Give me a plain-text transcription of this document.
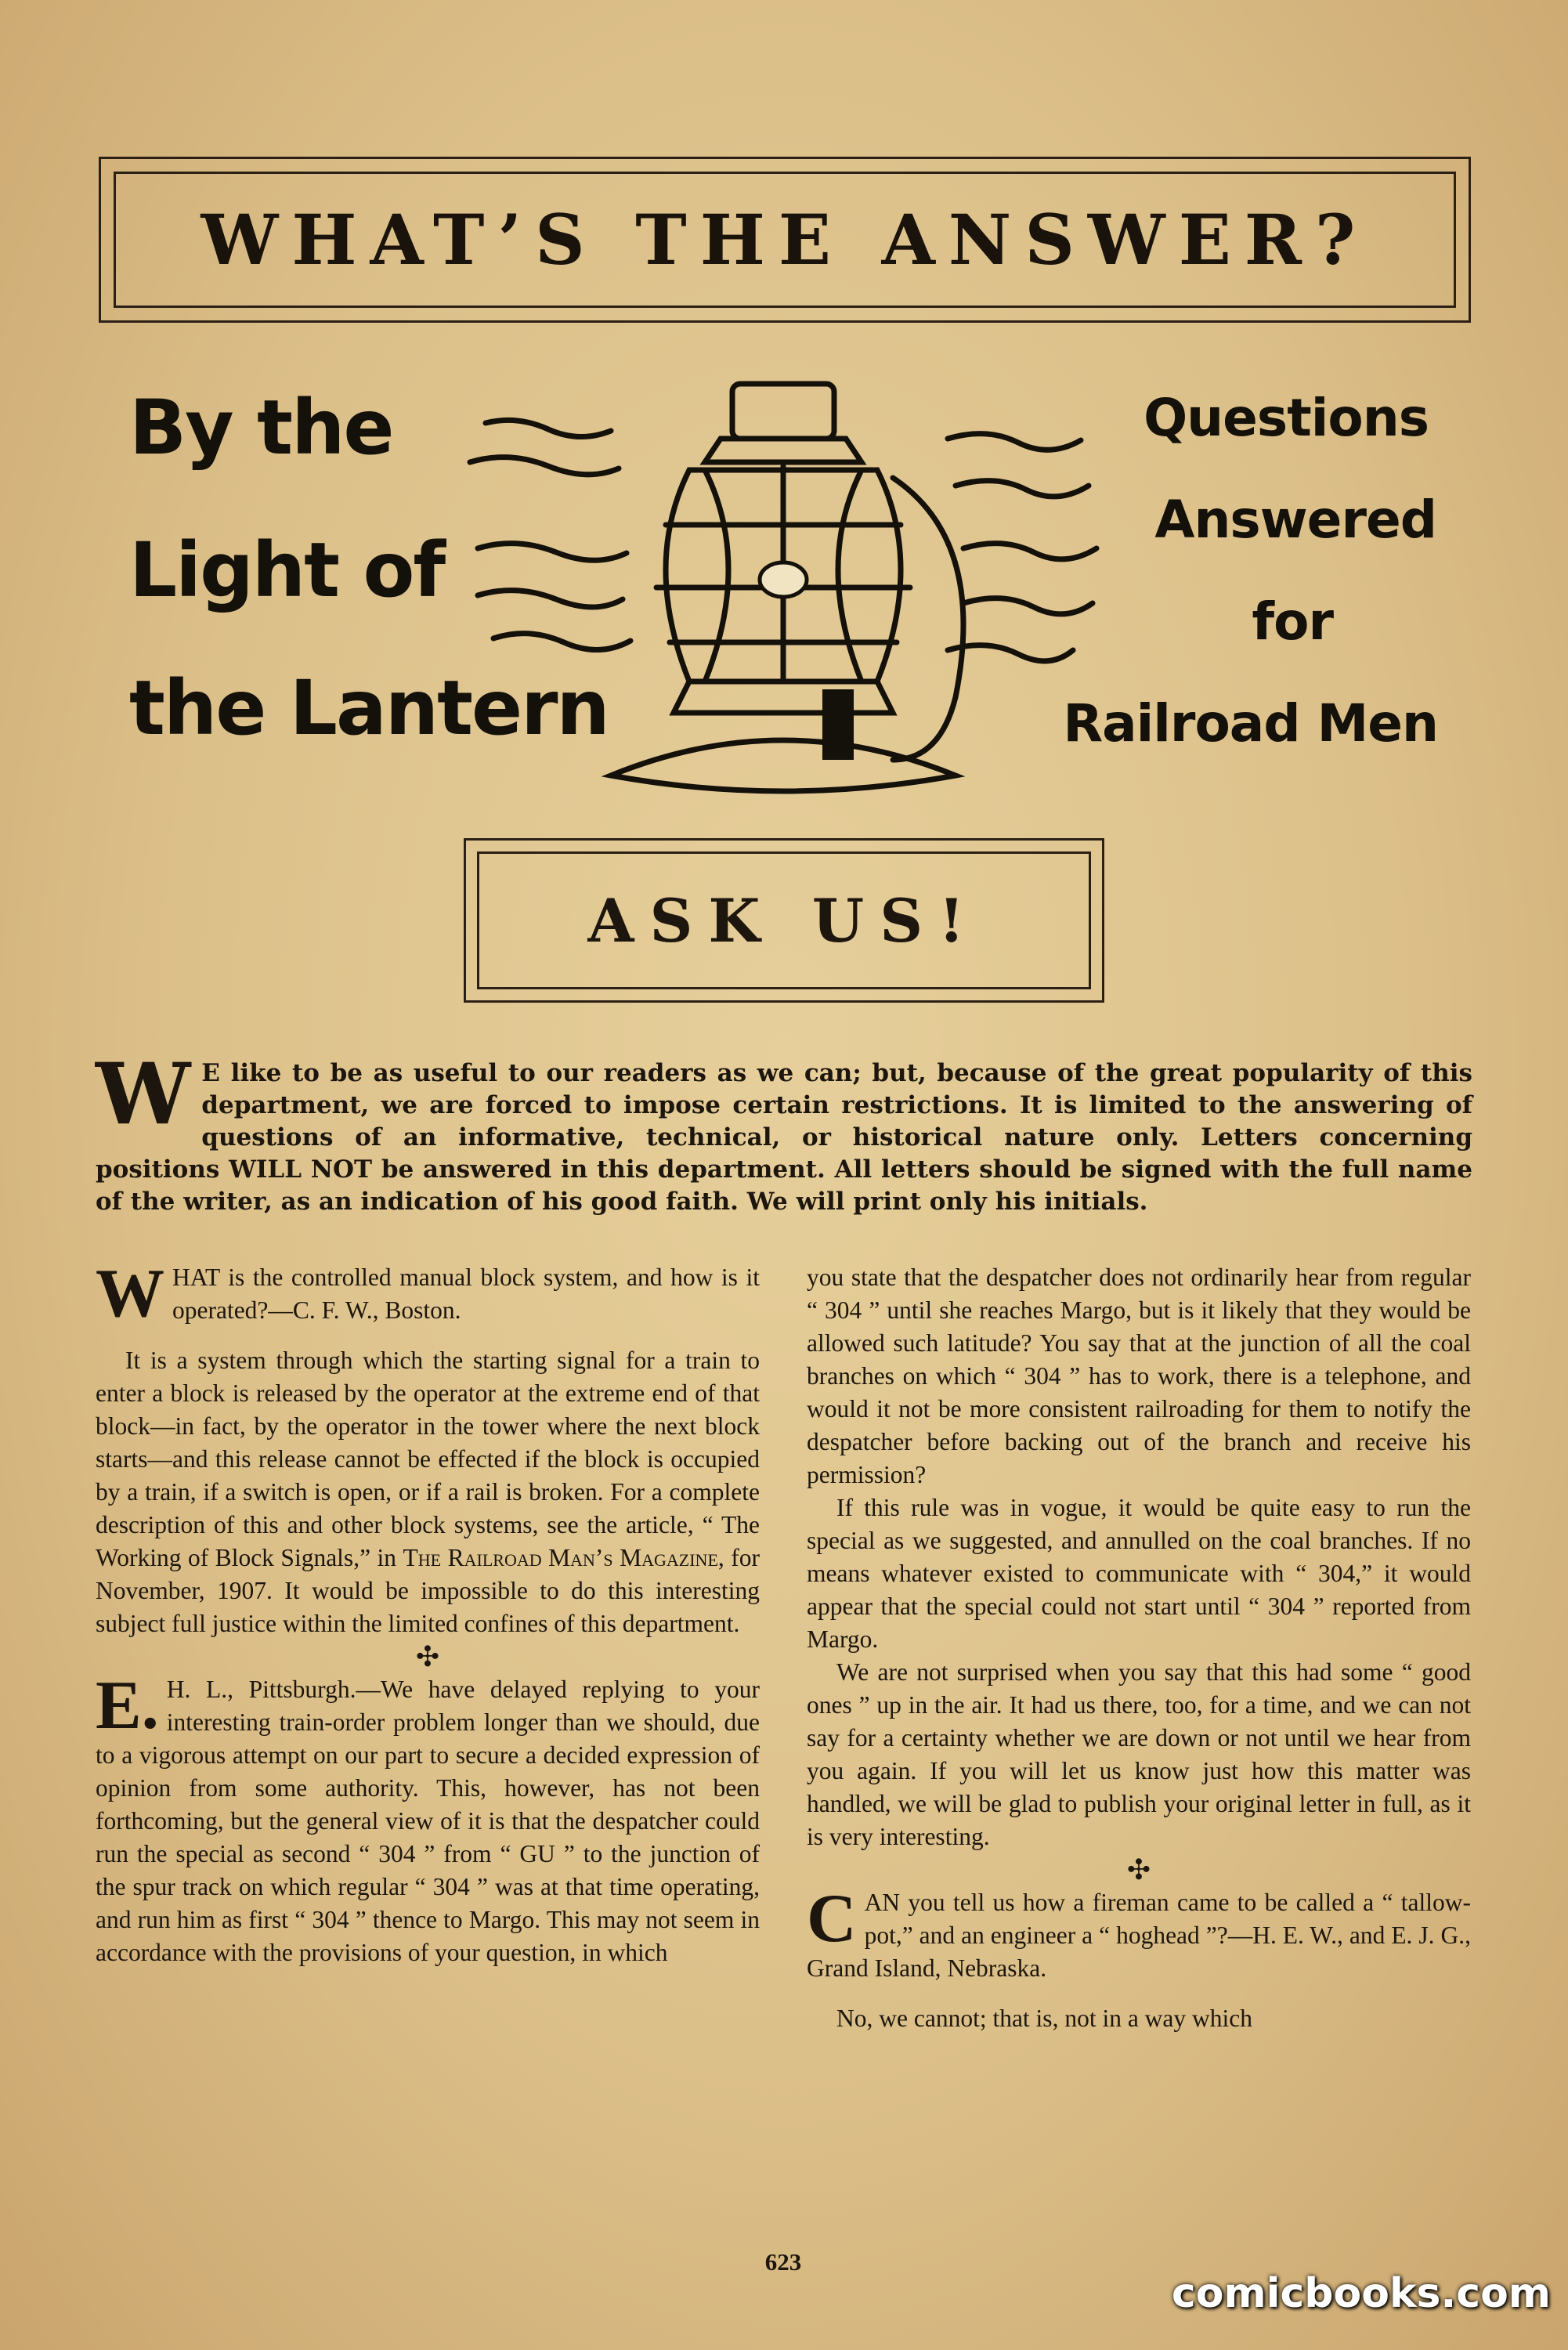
WHAT’S THE ANSWER?
By the
Light of
the Lantern
Questions
Answered
for
Railroad Men
ASK US!
W E like to be as useful to our readers as we can; but, because of the great popularity of this department, we are forced to impose certain restrictions. It is limited to the answering of questions of an informative, technical, or historical nature only. Letters concerning positions WILL NOT be answered in this department. All letters should be signed with the full name of the writer, as an indication of his good faith. We will print only his initials.

W HAT is the controlled manual block system, and how is it operated?—C. F. W., Boston.

It is a system through which the starting signal for a train to enter a block is released by the operator at the extreme end of that block—in fact, by the operator in the tower where the next block starts—and this release cannot be effected if the block is occupied by a train, if a switch is open, or if a rail is broken. For a complete description of this and other block systems, see the article, “ The Working of Block Signals,” in The Railroad Man’s Magazine, for November, 1907. It would be impossible to do this interesting subject full justice within the limited confines of this department.

✣

E. H. L., Pittsburgh.—We have delayed replying to your interesting train-order problem longer than we should, due to a vigorous attempt on our part to secure a decided expression of opinion from some authority. This, however, has not been forthcoming, but the general view of it is that the despatcher could run the special as second “ 304 ” from “ GU ” to the junction of the spur track on which regular “ 304 ” was at that time operating, and run him as first “ 304 ” thence to Margo. This may not seem in accordance with the provisions of your question, in which

you state that the despatcher does not ordinarily hear from regular “ 304 ” until she reaches Margo, but is it likely that they would be allowed such latitude? You say that at the junction of all the coal branches on which “ 304 ” has to work, there is a telephone, and would it not be more consistent railroading for them to notify the despatcher before backing out of the branch and receive his permission?

If this rule was in vogue, it would be quite easy to run the special as we suggested, and annulled on the coal branches. If no means whatever existed to communicate with “ 304,” it would appear that the special could not start until “ 304 ” reported from Margo.

We are not surprised when you say that this had some “ good ones ” up in the air. It had us there, too, for a time, and we can not say for a certainty whether we are down or not until we hear from you again. If you will let us know just how this matter was handled, we will be glad to publish your original letter in full, as it is very interesting.

✣

C AN you tell us how a fireman came to be called a “ tallow-pot,” and an engineer a “ hoghead ”?—H. E. W., and E. J. G., Grand Island, Nebraska.

No, we cannot; that is, not in a way which

623
comicbooks.com
